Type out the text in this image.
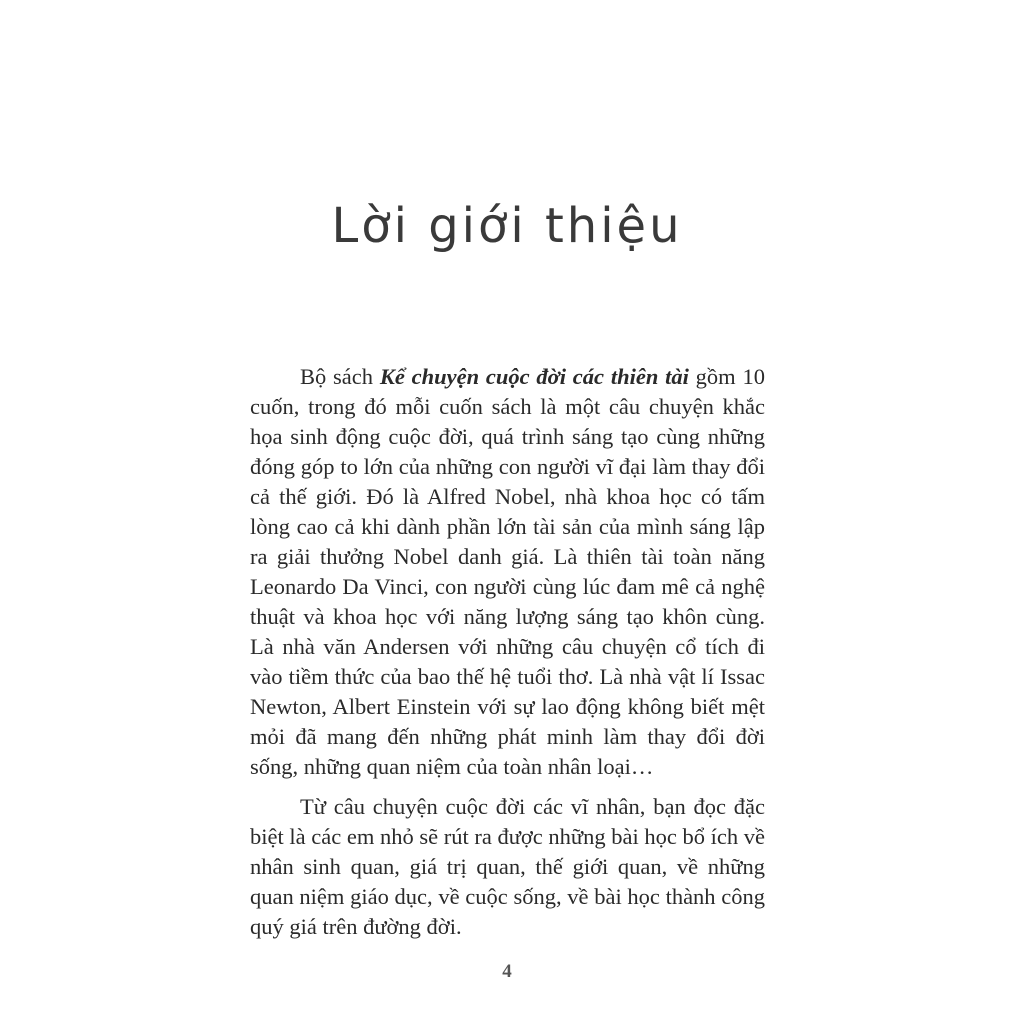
Lời giới thiệu

Bộ sách Kể chuyện cuộc đời các thiên tài gồm 10 cuốn, trong đó mỗi cuốn sách là một câu chuyện khắc họa sinh động cuộc đời, quá trình sáng tạo cùng những đóng góp to lớn của những con người vĩ đại làm thay đổi cả thế giới. Đó là Alfred Nobel, nhà khoa học có tấm lòng cao cả khi dành phần lớn tài sản của mình sáng lập ra giải thưởng Nobel danh giá. Là thiên tài toàn năng Leonardo Da Vinci, con người cùng lúc đam mê cả nghệ thuật và khoa học với năng lượng sáng tạo khôn cùng. Là nhà văn Andersen với những câu chuyện cổ tích đi vào tiềm thức của bao thế hệ tuổi thơ. Là nhà vật lí Issac Newton, Albert Einstein với sự lao động không biết mệt mỏi đã mang đến những phát minh làm thay đổi đời sống, những quan niệm của toàn nhân loại…

Từ câu chuyện cuộc đời các vĩ nhân, bạn đọc đặc biệt là các em nhỏ sẽ rút ra được những bài học bổ ích về nhân sinh quan, giá trị quan, thế giới quan, về những quan niệm giáo dục, về cuộc sống, về bài học thành công quý giá trên đường đời.

4
